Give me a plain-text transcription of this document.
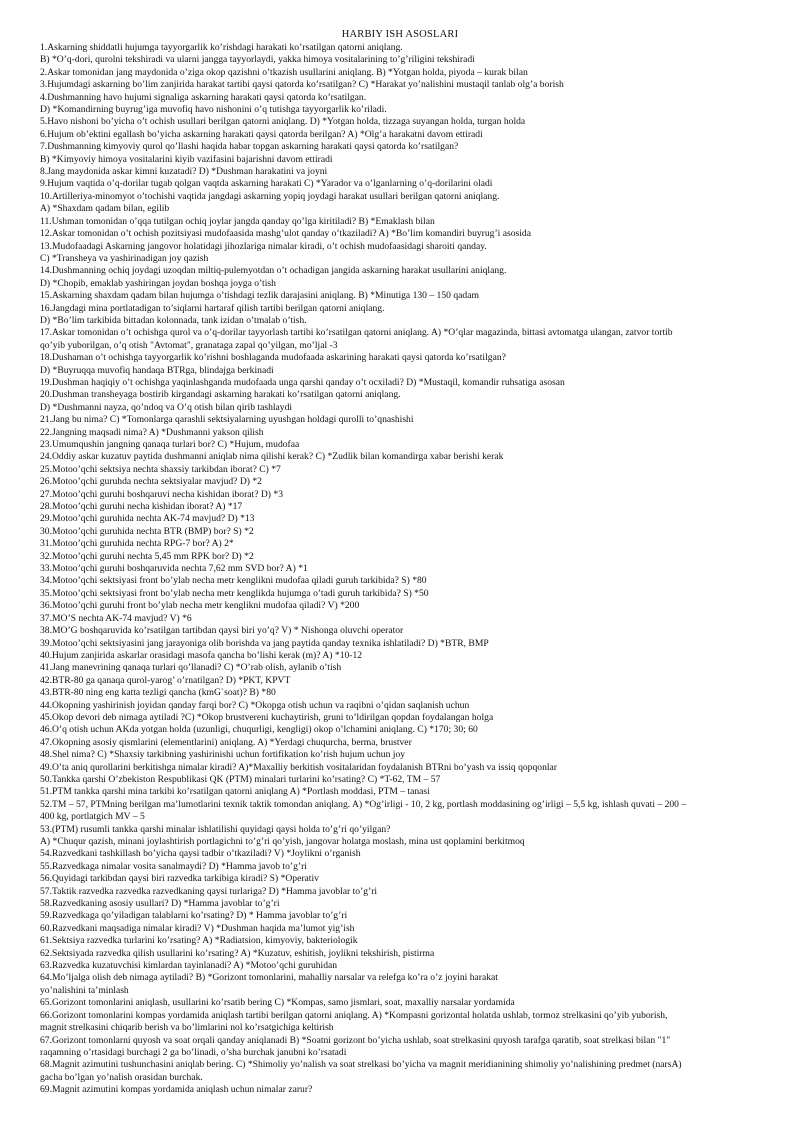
HARBIY ISH ASOSLARI

1.Askarning shiddatli hujumga tayyorgarlik ko’rishdagi harakati ko’rsatilgan qatorni aniqlang.

B) *O’q-dori, qurolni tekshiradi va ularni jangga tayyorlaydi, yakka himoya vositalarining to’g’riligini tekshiradi

2.Askar tomonidan jang maydonida o’ziga okop qazishni o’tkazish usullarini aniqlang. B) *Yotgan holda, piyoda – kurak bilan

3.Hujumdagi askarning bo’lim zanjirida harakat tartibi qaysi qatorda ko’rsatilgan? C) *Harakat yo’nalishini mustaqil tanlab olg’a borish

4.Dushmanning havo hujumi signaliga askarning harakati qaysi qatorda ko’rsatilgan.

D) *Komandirning buyrug’iga muvofiq havo nishonini o’q tutishga tayyorgarlik ko’riladi.

5.Havo nishoni bo’yicha o’t ochish usullari berilgan qatorni aniqlang. D) *Yotgan holda, tizzaga suyangan holda, turgan holda

6.Hujum ob’ektini egallash bo’yicha askarning harakati qaysi qatorda berilgan? A) *Olg’a harakatni davom ettiradi

7.Dushmanning kimyoviy qurol qo’llashi haqida habar topgan askarning harakati qaysi qatorda ko’rsatilgan?

B) *Kimyoviy himoya vositalarini kiyib vazifasini bajarishni davom ettiradi

8.Jang maydonida askar kimni kuzatadi? D) *Dushman harakatini va joyni

9.Hujum vaqtida o’q-dorilar tugab qolgan vaqtda askarning harakati C) *Yarador va o’lganlarning o’q-dorilarini oladi

10.Artilleriya-minomyot o’tochishi vaqtida jangdagi askarning yopiq joydagi harakat usullari berilgan qatorni aniqlang.

A) *Shaxdam qadam bilan, egilib

11.Ushman tomonidan o’qqa tutilgan ochiq joylar jangda qanday qo’lga kiritiladi? B) *Emaklash bilan

12.Askar tomonidan o’t ochish pozitsiyasi mudofaasida mashg’ulot qanday o’tkaziladi? A) *Bo’lim komandiri buyrug’i asosida

13.Mudofaadagi Askarning jangovor holatidagi jihozlariga nimalar kiradi, o’t ochish mudofaasidagi sharoiti qanday.

C) *Transheya va yashirinadigan joy qazish

14.Dushmanning ochiq joydagi uzoqdan miltiq-pulemyotdan o’t ochadigan jangida askarning harakat usullarini aniqlang.

D) *Chopib, emaklab yashiringan joydan boshqa joyga o’tish

15.Askarning shaxdam qadam bilan hujumga o’tishdagi tezlik darajasini aniqlang. B) *Minutiga 130 – 150 qadam

16.Jangdagi mina portlatadigan to’siqlarni hartaraf qilish tartibi berilgan qatorni aniqlang.

D) *Bo’lim tarkibida bittadan kolonnada, tank izidan o’tmalab o’tish.

17.Askar tomonidan o’t ochishga qurol va o’q-dorilar tayyorlash tartibi ko’rsatilgan qatorni aniqlang. A) *O’qlar magazinda, bittasi avtomatga ulangan, zatvor tortib

qo’yib yuborilgan, o’q otish "Avtomat", granataga zapal qo’yilgan, mo’ljal -3

18.Dushaman o’t ochishga tayyorgarlik ko’rishni boshlaganda mudofaada askarining harakati qaysi qatorda ko’rsatilgan?

D) *Buyruqqa muvofiq handaqa BTRga, blindajga berkinadi

19.Dushman haqiqiy o’t ochishga yaqinlashganda mudofaada unga qarshi qanday o’t ocxiladi? D) *Mustaqil, komandir ruhsatiga asosan

20.Dushman transheyaga bostirib kirgandagi askarning harakati ko’rsatilgan qatorni aniqlang.

D) *Dushmanni nayza, qo’ndoq va O’q otish bilan qirib tashlaydi

21.Jang bu nima? C) *Tomonlarga qarashli sektsiyalarning uyushgan holdagi qurolli to’qnashishi

22.Jangning maqsadi nima? A) *Dushmanni yakson qilish

23.Umumqushin jangning qanaqa turlari bor? C) *Hujum, mudofaa

24.Oddiy askar kuzatuv paytida dushmanni aniqlab nima qilishi kerak? C) *Zudlik bilan komandirga xabar berishi kerak

25.Motoo’qchi sektsiya nechta shaxsiy tarkibdan iborat? C) *7

26.Motoo’qchi guruhda nechta sektsiyalar mavjud? D) *2

27.Motoo’qchi guruhi boshqaruvi necha kishidan iborat? D) *3

28.Motoo’qchi guruhi necha kishidan iborat? A) *17

29.Motoo’qchi guruhida nechta AK-74 mavjud? D) *13

30.Motoo’qchi guruhida nechta BTR (BMP) bor? S) *2

31.Motoo’qchi guruhida nechta RPG-7 bor? A) 2*

32.Motoo’qchi guruhi nechta 5,45 mm RPK bor? D) *2

33.Motoo’qchi guruhi boshqaruvida nechta 7,62 mm SVD bor? A) *1

34.Motoo’qchi sektsiyasi front bo’ylab necha metr kenglikni mudofaa qiladi guruh tarkibida? S) *80

35.Motoo’qchi sektsiyasi front bo’ylab necha metr kenglikda hujumga o’tadi guruh tarkibida? S) *50

36.Motoo’qchi guruhi front bo’ylab necha metr kenglikni mudofaa qiladi? V) *200

37.MO’S nechta AK-74 mavjud? V) *6

38.MO’G boshqaruvida ko’rsatilgan tartibdan qaysi biri yo’q? V) * Nishonga oluvchi operator

39.Motoo’qchi sektsiyasini jang jarayoniga olib borishda va jang paytida qanday texnika ishlatiladi? D) *BTR, BMP

40.Hujum zanjirida askarlar orasidagi masofa qancha bo’lishi kerak (m)? A) *10-12

41.Jang manevrining qanaqa turlari qo’llanadi? C) *O’rab olish, aylanib o’tish

42.BTR-80 ga qanaqa qurol-yarog’ o’rnatilgan? D) *PKT, KPVT

43.BTR-80 ning eng katta tezligi qancha (kmG`soat)? B) *80

44.Okopning yashirinish joyidan qanday farqi bor? C) *Okopga otish uchun va raqibni o’qidan saqlanish uchun

45.Okop devori deb nimaga aytiladi ?C) *Okop brustvereni kuchaytirish, gruni to’ldirilgan qopdan foydalangan holga

46.O’q otish uchun AKda yotgan holda (uzunligi, chuqurligi, kengligi) okop o’lchamini aniqlang. C) *170; 30; 60

47.Okopning asosiy qismlarini (elementlarini) aniqlang. A) *Yerdagi chuqurcha, berma, brustver

48.Shel nima? C) *Shaxsiy tarkibning yashirinishi uchun fortifikation ko’rish hujum uchun joy

49.O’ta aniq qurollarini berkitishga nimalar kiradi? A)*Maxalliy berkitish vositalaridan foydalanish BTRni bo’yash va issiq qopqonlar

50.Tankka qarshi O’zbekiston Respublikasi QK (PTM) minalari turlarini ko’rsating? C) *T-62, TM – 57

51.PTM tankka qarshi mina tarkibi ko’rsatilgan qatorni aniqlang A) *Portlash moddasi, PTM – tanasi

52.TM – 57, PTMning berilgan ma’lumotlarini texnik taktik tomondan aniqlang. A) *Og’irligi - 10, 2 kg, portlash moddasining og’irligi – 5,5 kg, ishlash quvati – 200 –

400 kg, portlatgich MV – 5

53.(PTM) rusumli tankka qarshi minalar ishlatilishi quyidagi qaysi holda to’g’ri qo’yilgan?

A) *Chuqur qazish, minani joylashtirish portlagichni to’g’ri qo’yish, jangovar holatga moslash, mina ust qoplamini berkitmoq

54.Razvedkani tashkillash bo’yicha qaysi tadbir o’tkaziladi? V) *Joylikni o’rganish

55.Razvedkaga nimalar vosita sanalmaydi? D) *Hamma javob to’g’ri

56.Quyidagi tarkibdan qaysi biri razvedka tarkibiga kiradi? S) *Operativ

57.Taktik razvedka razvedka razvedkaning qaysi turlariga? D) *Hamma javoblar to’g’ri

58.Razvedkaning asosiy usullari? D) *Hamma javoblar to’g’ri

59.Razvedkaga qo’yiladigan talablarni ko’rsating? D) * Hamma javoblar to’g’ri

60.Razvedkani maqsadiga nimalar kiradi? V) *Dushman haqida ma’lumot yig’ish

61.Sektsiya razvedka turlarini ko’rsating? A) *Radiatsion, kimyoviy, bakteriologik

62.Sektsiyada razvedka qilish usullarini ko’rsating? A) *Kuzatuv, eshitish, joylikni tekshirish, pistirma

63.Razvedka kuzatuvchisi kimlardan tayinlanadi? A) *Motoo’qchi guruhidan

64.Mo’ljalga olish deb nimaga aytiladi? B) *Gorizont tomonlarini, mahalliy narsalar va relefga ko’ra o’z joyini harakat

yo’nalishini ta’minlash

65.Gorizont tomonlarini aniqlash, usullarini ko’rsatib bering C) *Kompas, samo jismlari, soat, maxalliy narsalar yordamida

66.Gorizont tomonlarini kompas yordamida aniqlash tartibi berilgan qatorni aniqlang. A) *Kompasni gorizontal holatda ushlab, tormoz strelkasini qo’yib yuborish,

magnit strelkasini chiqarib berish va bo’limlarini nol ko’rsatgichiga keltirish

67.Gorizont tomonlarni quyosh va soat orqali qanday aniqlanadi B) *Soatni gorizont bo’yicha ushlab, soat strelkasini quyosh tarafga qaratib, soat strelkasi bilan "1"

raqamning o’rtasidagi burchagi 2 ga bo’linadi, o’sha burchak janubni ko’rsatadi

68.Magnit azimutini tushunchasini aniqlab bering. C) *Shimoliy yo’nalish va soat strelkasi bo’yicha va magnit meridianining shimoliy yo’nalishining predmet (narsA)

gacha bo’lgan yo’nalish orasidan burchak.

69.Magnit azimutini kompas yordamida aniqlash uchun nimalar zarur?
